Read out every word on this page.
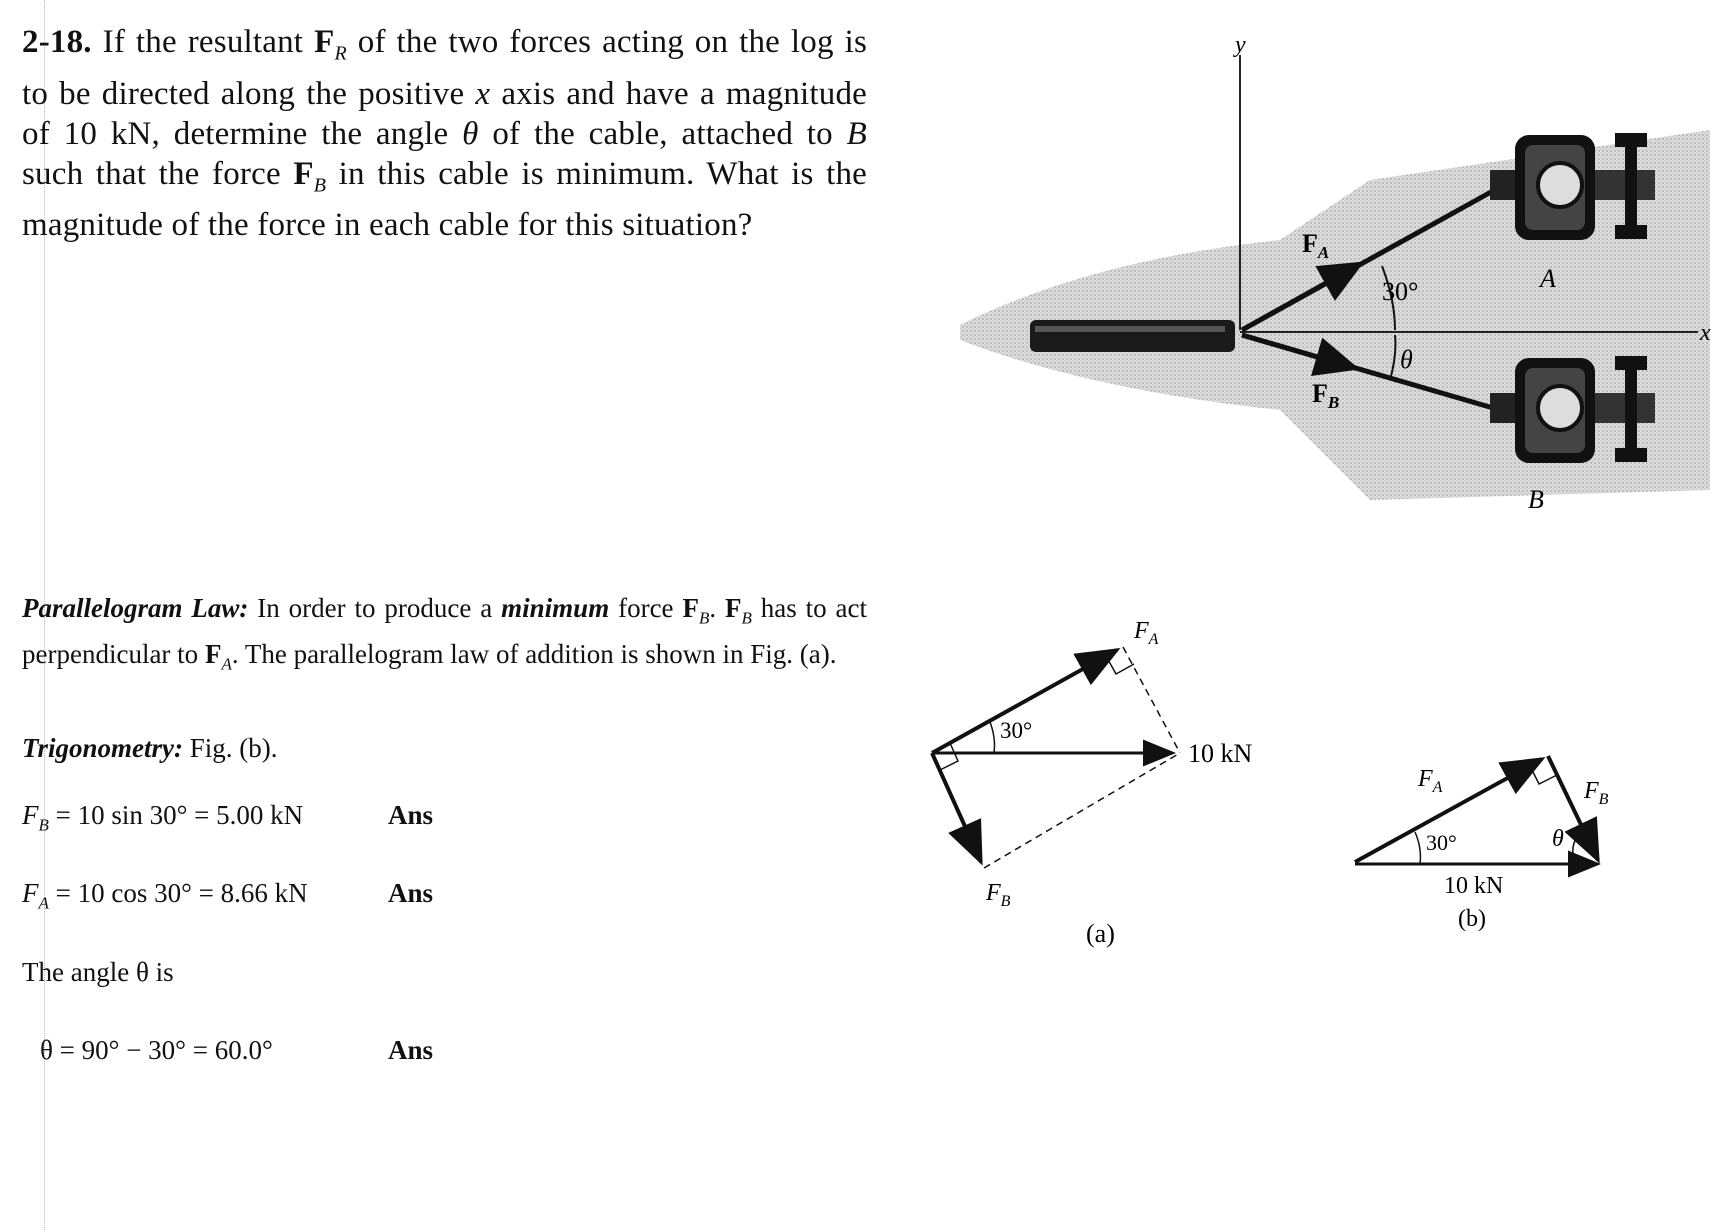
2-18. If the resultant $F_R$ of the two forces acting on the log is to be directed along the positive x axis and have a magnitude of 10 kN, determine the angle θ of the cable, attached to B such that the force $F_B$ in this cable is minimum. What is the magnitude of the force in each cable for this situation?
y
x
30°
θ
$F_A$
$F_B$
A
B
Parallelogram Law: In order to produce a minimum force $F_B$. $F_B$ has to act perpendicular to $F_A$. The parallelogram law of addition is shown in Fig. (a).
Trigonometry: Fig. (b).
$F_B = 10$ sin 30° = 5.00 kN	Ans
$F_A = 10$ cos 30° = 8.66 kN	Ans
The angle θ is
θ = 90° − 30° = 60.0°	Ans
30°
$F_A$
$F_B$
10 kN
(a)
30°	θ
$F_A$	$F_B$
10 kN
(b)
